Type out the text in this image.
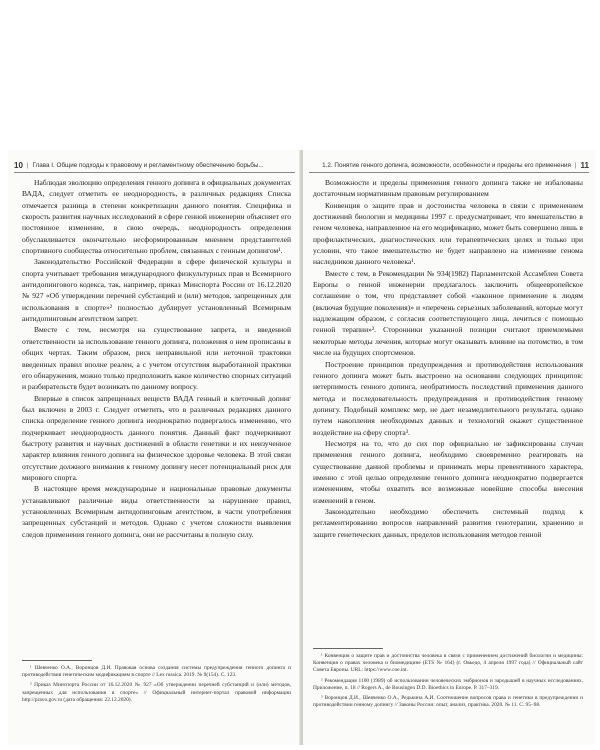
10 | Глава I. Общие подходы к правовому и регламентному обеспечению борьбы...

Наблюдая эволюцию определения генного допинга в официальных документах ВАДА, следует отметить ее неоднородность, в различных редакциях Списка отмечается разница в степени конкретизации данного понятия. Специфика и скорость развития научных исследований в сфере генной инженерии объясняет его постоянное изменение, в свою очередь, неоднородность определения обуславливается окончательно несформированным мнением представителей спортивного сообщества относительно проблем, связанных с генным допингом¹.

Законодательство Российской Федерации в сфере физической культуры и спорта учитывает требования международного физкультурных прав и Всемирного антидопингового кодекса, так, например, приказ Минспорта России от 16.12.2020 № 927 «Об утверждении перечней субстанций и (или) методов, запрещенных для использования в спорте»² полностью дублирует установленный Всемирным антидопинговым агентством запрет.

Вместе с тем, несмотря на существование запрета, и введенной ответственности за использование генного допинга, положения о нем прописаны в общих чертах. Таким образом, риск неправильной или неточной трактовки введенных правил вполне реален, а с учетом отсутствия выработанной практики его обнаружения, можно только предположить какое количество спорных ситуаций и разбирательств будет возникать по данному вопросу.

Впервые в список запрещенных веществ ВАДА генный и клеточный допинг был включен в 2003 г. Следует отметить, что в различных редакциях данного списка определение генного допинга неоднократно подвергалось изменению, что подчеркивает неоднородность данного понятия. Данный факт подчеркивают быстроту развития и научных достижений в области генетики и их неизученное характер влияния генного допинга на физическое здоровье человека. В этой связи отсутствие должного внимания к генному допингу несет потенциальный риск для мирового спорта.

В настоящее время международные и национальные правовые документы устанавливают различные виды ответственности за нарушение правил, установленных Всемирным антидопинговым агентством, в части употребления запрещенных субстанций и методов. Однако с учетом сложности выявления следов применения генного допинга, они не рассчитаны в полную силу.

¹ Шевченко О.А., Воронцов Д.И. Правовая основа создания системы предупреждения генного допинга и противодействия генетическим модификациям в спорте // Lex russica. 2019. № 9(154). С. 123.
² Приказ Минспорта России от 16.12.2020 № 927 «Об утверждении перечней субстанций и (или) методов, запрещенных для использования в спорте» // Официальный интернет-портал правовой информации http://pravo.gov.ru (дата обращения: 22.12.2020).
1.2. Понятие генного допинга, возможности, особенности и пределы его применения | 11

Возможности и пределы применения генного допинга также не избалованы достаточным нормативным правовым регулированием

Конвенция о защите прав и достоинства человека в связи с применением достижений биологии и медицины 1997 г. предусматривает, что вмешательство в геном человека, направленное на его модификацию, может быть совершено лишь в профилактических, диагностических или терапевтических целях и только при условии, что такое вмешательство не будет направлено на изменение генома наследников данного человека¹.

Вместе с тем, в Рекомендации № 934(1982) Парламентской Ассамблеи Совета Европы о генной инженерии предлагалось заключить общеевропейское соглашение о том, что представляет собой «законное применение к людям (включая будущие поколения)» и «перечень серьезных заболеваний, которые могут надлежащим образом, с согласия соответствующего лица, лечиться с помощью генной терапии»². Сторонники указанной позиции считают приемлемыми некоторые методы лечения, которые могут оказывать влияние на потомство, в том числе на будущих спортсменов.

Построение принципов предупреждения и противодействия использования генного допинга может быть выстроено на основании следующих принципов: нетерпимость генного допинга, необратимость последствий применения данного метода и последовательность предупреждения и противодействия генному допингу. Подобный комплекс мер, не дает незамедлительного результата, однако путем накопления необходимых данных и технологий окажет существенное воздействие на сферу спорта³.

Несмотря на то, что до сих пор официально не зафиксированы случаи применения генного допинга, необходимо своевременно реагировать на существование данной проблемы и принимать меры превентивного характера, именно с этой целью определение генного допинга неоднократно подвергается изменениям, чтобы охватить все возможные новейшие способы внесения изменений в геном.

Законодательно необходимо обеспечить системный подход к регламентированию вопросов направлений развития генотерапии, хранению и защите генетических данных, пределов использования методов генной

¹ Конвенция о защите прав и достоинства человека в связи с применением достижений биологии и медицины: Конвенция о правах человека и биомедицине (ETS № 164) (г. Овьедо, 4 апреля 1997 года) // Официальный сайт Совета Европы. URL: https://www.coe.int.
² Рекомендация 1100 (1989) об использовании человеческих эмбрионов и зародышей в научных исследованиях. Приложение, п. 18 // Rogers A., de Bousingen D.D. Bioethics in Europe. P. 317–319.
³ Воронцов Д.И., Шевченко О.А., Редькина А.И. Соотношение вопросов права и генетики в предупреждении и противодействии генному допингу // Законы России: опыт, анализ, практика. 2020. № 11. С. 95–98.
